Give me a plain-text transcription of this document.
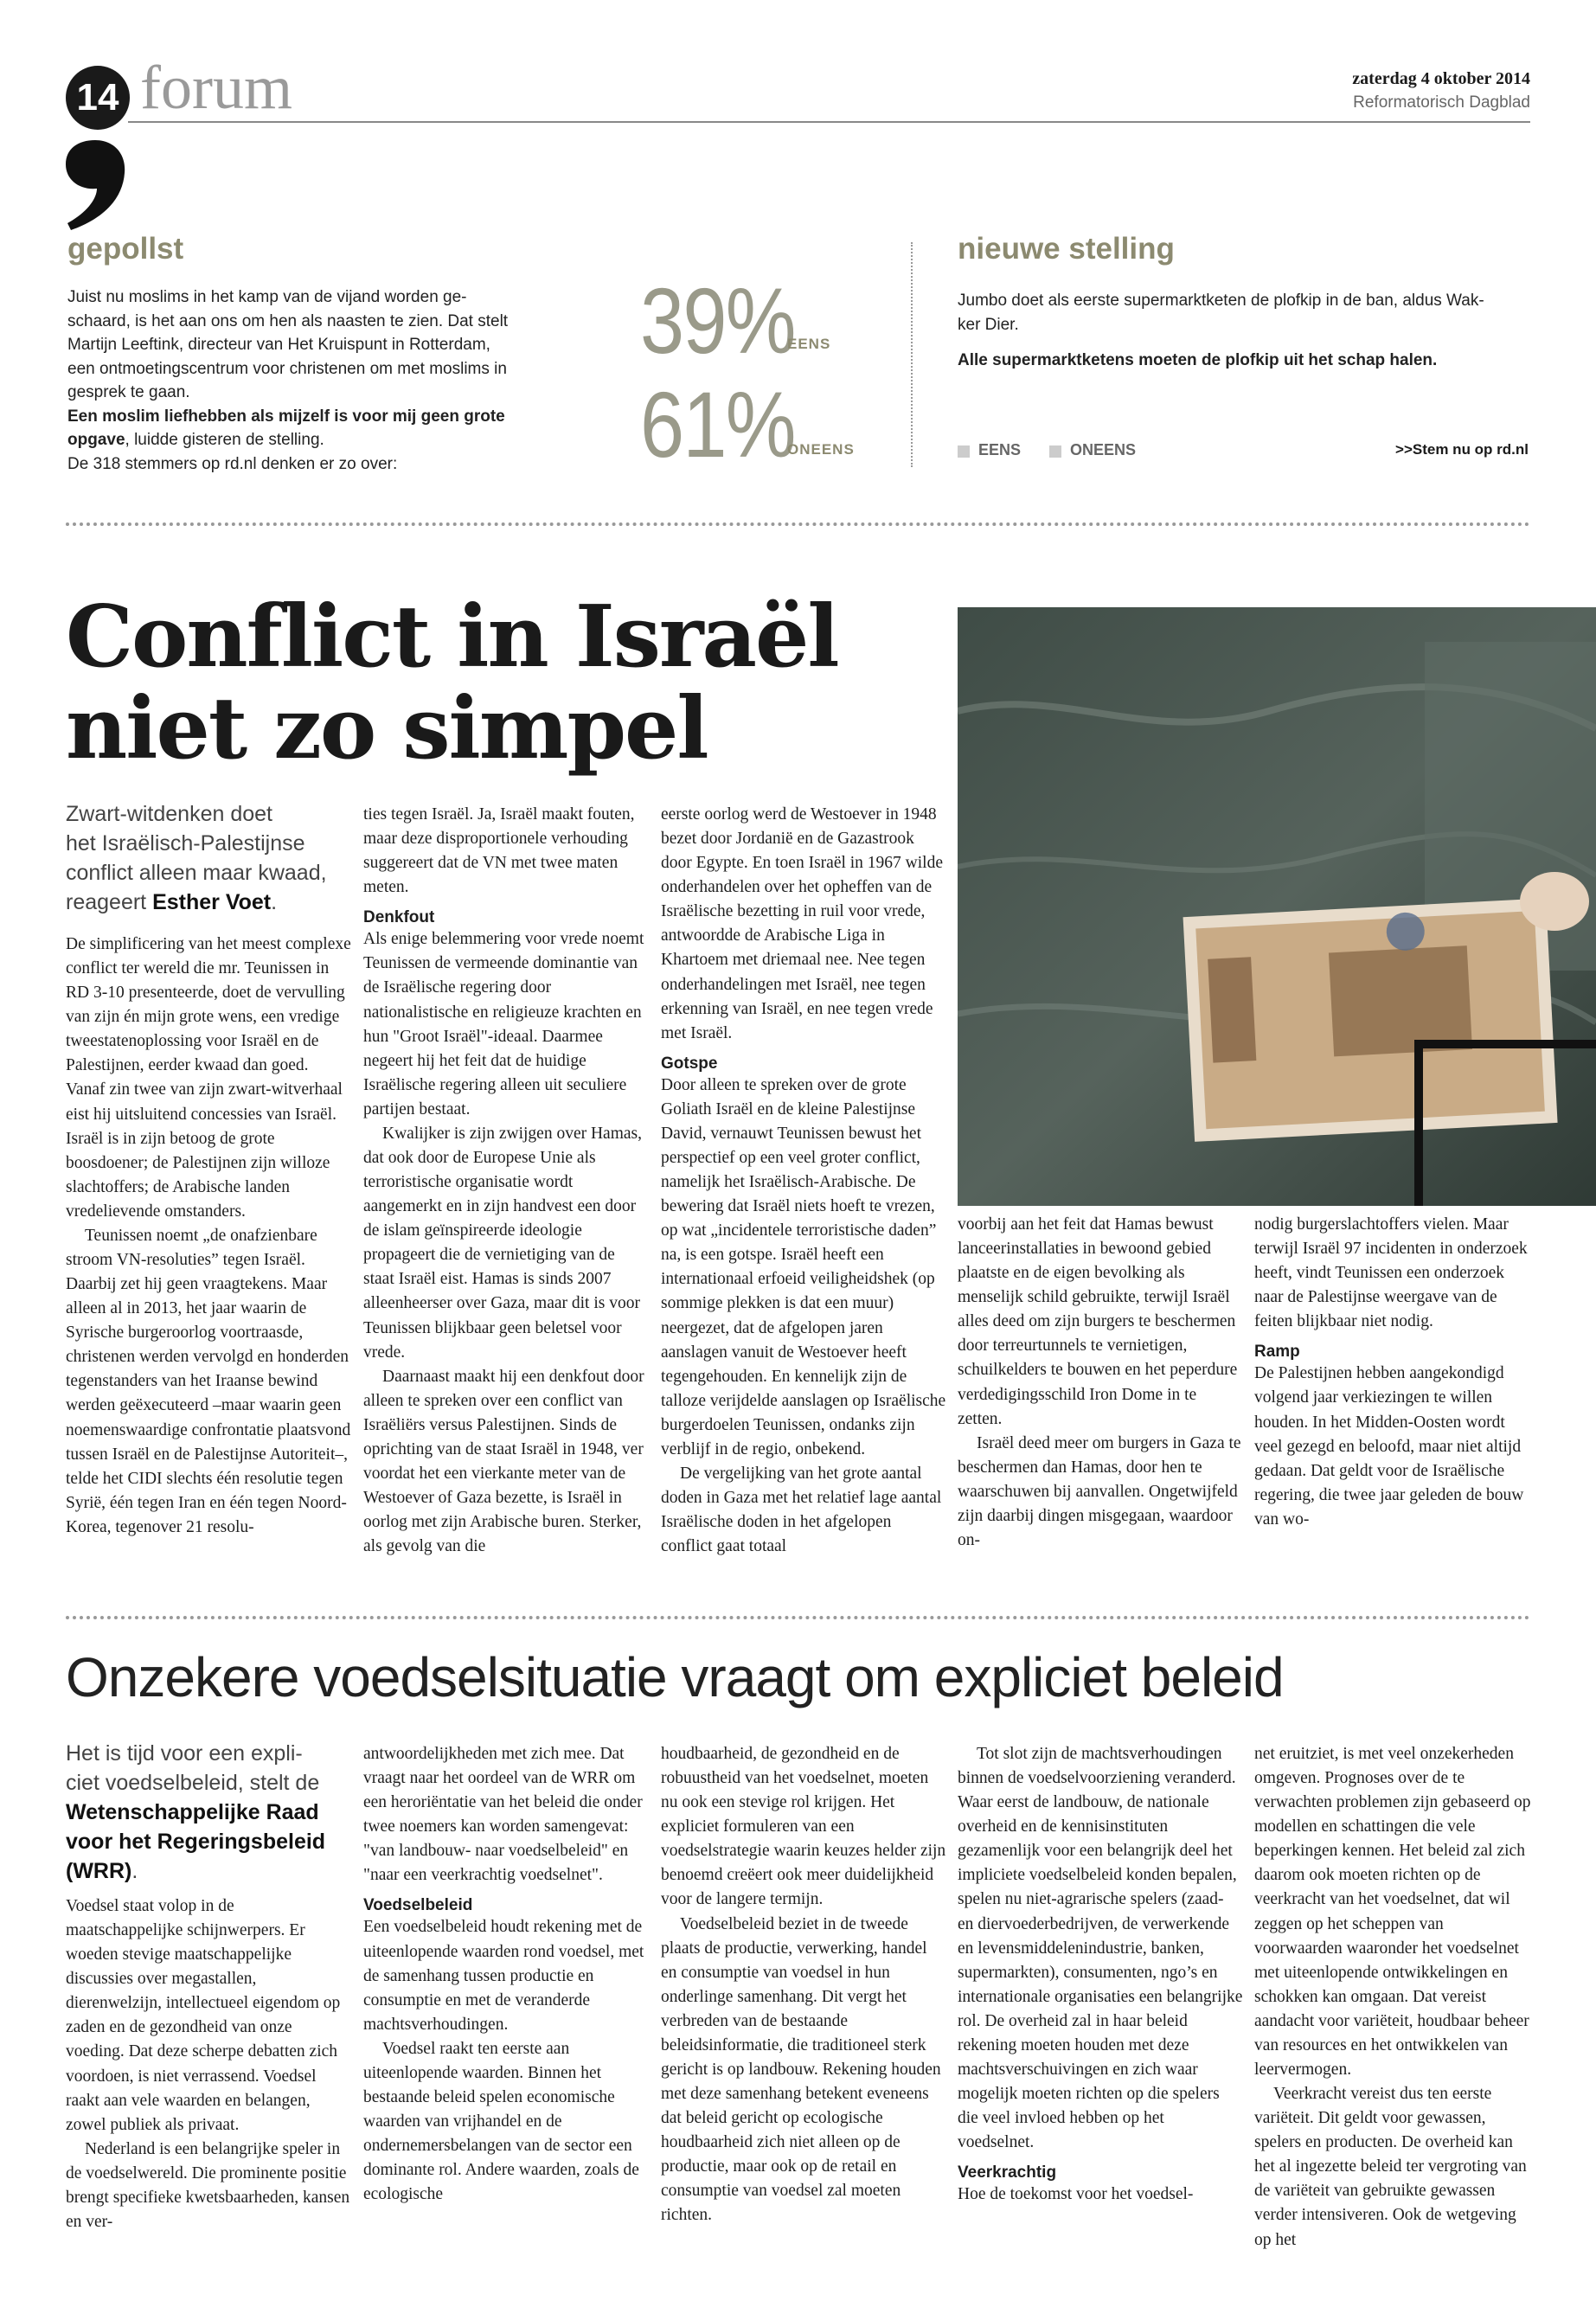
14 forum	zaterdag 4 oktober 2014
Reformatorisch Dagblad
gepollst
Juist nu moslims in het kamp van de vijand worden ge-
schaard, is het aan ons om hen als naasten te zien. Dat stelt
Martijn Leeftink, directeur van Het Kruispunt in Rotterdam,
een ontmoetingscentrum voor christenen om met moslims in
gesprek te gaan.
Een moslim liefhebben als mijzelf is voor mij geen grote
opgave, luidde gisteren de stelling.
De 318 stemmers op rd.nl denken er zo over:
39%
EENS
61%
ONEENS
nieuwe stelling
Jumbo doet als eerste supermarktketen de plofkip in de ban, aldus Wak-
ker Dier.
Alle supermarktketens moeten de plofkip uit het schap halen.
EENS	ONEENS	>>Stem nu op rd.nl
Conflict in Israël
niet zo simpel
Zwart-witdenken doet
het Israëlisch-Palestijnse
conflict alleen maar kwaad,
reageert Esther Voet.

De simplificering van het meest complexe conflict ter wereld die mr. Teunissen in RD 3-10 presenteerde, doet de vervulling van zijn én mijn grote wens, een vredige tweestatenoplossing voor Israël en de Palestijnen, eerder kwaad dan goed. Vanaf zin twee van zijn zwart-witverhaal eist hij uitsluitend concessies van Israël. Israël is in zijn betoog de grote boosdoener; de Palestijnen zijn willoze slachtoffers; de Arabische landen vredelievende omstanders.

Teunissen noemt „de onafzienbare stroom VN-resoluties” tegen Israël. Daarbij zet hij geen vraagtekens. Maar alleen al in 2013, het jaar waarin de Syrische burgeroorlog voortraasde, christenen werden vervolgd en honderden tegenstanders van het Iraanse bewind werden geëxecuteerd –maar waarin geen noemenswaardige confrontatie plaatsvond tussen Israël en de Palestijnse Autoriteit–, telde het CIDI slechts één resolutie tegen Syrië, één tegen Iran en één tegen Noord-Korea, tegenover 21 resolu-

ties tegen Israël. Ja, Israël maakt fouten, maar deze disproportionele verhouding suggereert dat de VN met twee maten meten.

Denkfout

Als enige belemmering voor vrede noemt Teunissen de vermeende dominantie van de Israëlische regering door nationalistische en religieuze krachten en hun "Groot Israël"-ideaal. Daarmee negeert hij het feit dat de huidige Israëlische regering alleen uit seculiere partijen bestaat.

Kwalijker is zijn zwijgen over Hamas, dat ook door de Europese Unie als terroristische organisatie wordt aangemerkt en in zijn handvest een door de islam geïnspireerde ideologie propageert die de vernietiging van de staat Israël eist. Hamas is sinds 2007 alleenheerser over Gaza, maar dit is voor Teunissen blijkbaar geen beletsel voor vrede.

Daarnaast maakt hij een denkfout door alleen te spreken over een conflict van Israëliërs versus Palestijnen. Sinds de oprichting van de staat Israël in 1948, ver voordat het een vierkante meter van de Westoever of Gaza bezette, is Israël in oorlog met zijn Arabische buren. Sterker, als gevolg van die

eerste oorlog werd de Westoever in 1948 bezet door Jordanië en de Gazastrook door Egypte. En toen Israël in 1967 wilde onderhandelen over het opheffen van de Israëlische bezetting in ruil voor vrede, antwoordde de Arabische Liga in Khartoem met driemaal nee. Nee tegen onderhandelingen met Israël, nee tegen erkenning van Israël, en nee tegen vrede met Israël.

Gotspe

Door alleen te spreken over de grote Goliath Israël en de kleine Palestijnse David, vernauwt Teunissen bewust het perspectief op een veel groter conflict, namelijk het Israëlisch-Arabische. De bewering dat Israël niets hoeft te vrezen, op wat „incidentele terroristische daden” na, is een gotspe. Israël heeft een internationaal erfoeid veiligheidshek (op sommige plekken is dat een muur) neergezet, dat de afgelopen jaren aanslagen vanuit de Westoever heeft tegengehouden. En kennelijk zijn de talloze verijdelde aanslagen op Israëlische burgerdoelen Teunissen, ondanks zijn verblijf in de regio, onbekend.

De vergelijking van het grote aantal doden in Gaza met het relatief lage aantal Israëlische doden in het afgelopen conflict gaat totaal

voorbij aan het feit dat Hamas bewust lanceerinstallaties in bewoond gebied plaatste en de eigen bevolking als menselijk schild gebruikte, terwijl Israël alles deed om zijn burgers te beschermen door terreurtunnels te vernietigen, schuilkelders te bouwen en het peperdure verdedigingsschild Iron Dome in te zetten.

Israël deed meer om burgers in Gaza te beschermen dan Hamas, door hen te waarschuwen bij aanvallen. Ongetwijfeld zijn daarbij dingen misgegaan, waardoor on-

nodig burgerslachtoffers vielen. Maar terwijl Israël 97 incidenten in onderzoek heeft, vindt Teunissen een onderzoek naar de Palestijnse weergave van de feiten blijkbaar niet nodig.

Ramp

De Palestijnen hebben aangekondigd volgend jaar verkiezingen te willen houden. In het Midden-Oosten wordt veel gezegd en beloofd, maar niet altijd gedaan. Dat geldt voor de Israëlische regering, die twee jaar geleden de bouw van wo-

Onzekere voedselsituatie vraagt om expliciet beleid
Het is tijd voor een expli-
ciet voedselbeleid, stelt de
Wetenschappelijke Raad
voor het Regeringsbeleid
(WRR).

Voedsel staat volop in de maatschappelijke schijnwerpers. Er woeden stevige maatschappelijke discussies over megastallen, dierenwelzijn, intellectueel eigendom op zaden en de gezondheid van onze voeding. Dat deze scherpe debatten zich voordoen, is niet verrassend. Voedsel raakt aan vele waarden en belangen, zowel publiek als privaat.

Nederland is een belangrijke speler in de voedselwereld. Die prominente positie brengt specifieke kwetsbaarheden, kansen en ver-

antwoordelijkheden met zich mee. Dat vraagt naar het oordeel van de WRR om een heroriëntatie van het beleid die onder twee noemers kan worden samengevat: "van landbouw- naar voedselbeleid" en "naar een veerkrachtig voedselnet".

Voedselbeleid

Een voedselbeleid houdt rekening met de uiteenlopende waarden rond voedsel, met de samenhang tussen productie en consumptie en met de veranderde machtsverhoudingen.

Voedsel raakt ten eerste aan uiteenlopende waarden. Binnen het bestaande beleid spelen economische waarden van vrijhandel en de ondernemersbelangen van de sector een dominante rol. Andere waarden, zoals de ecologische

houdbaarheid, de gezondheid en de robuustheid van het voedselnet, moeten nu ook een stevige rol krijgen. Het expliciet formuleren van een voedselstrategie waarin keuzes helder zijn benoemd creëert ook meer duidelijkheid voor de langere termijn.

Voedselbeleid beziet in de tweede plaats de productie, verwerking, handel en consumptie van voedsel in hun onderlinge samenhang. Dit vergt het verbreden van de bestaande beleidsinformatie, die traditioneel sterk gericht is op landbouw. Rekening houden met deze samenhang betekent eveneens dat beleid gericht op ecologische houdbaarheid zich niet alleen op de productie, maar ook op de retail en consumptie van voedsel zal moeten richten.

Tot slot zijn de machtsverhoudingen binnen de voedselvoorziening veranderd. Waar eerst de landbouw, de nationale overheid en de kennisinstituten gezamenlijk voor een belangrijk deel het impliciete voedselbeleid konden bepalen, spelen nu niet-agrarische spelers (zaad- en diervoederbedrijven, de verwerkende en levensmiddelenindustrie, banken, supermarkten), consumenten, ngo’s en internationale organisaties een belangrijke rol. De overheid zal in haar beleid rekening moeten houden met deze machtsverschuivingen en zich waar mogelijk moeten richten op die spelers die veel invloed hebben op het voedselnet.

Veerkrachtig

Hoe de toekomst voor het voedsel-

net eruitziet, is met veel onzekerheden omgeven. Prognoses over de te verwachten problemen zijn gebaseerd op modellen en schattingen die vele beperkingen kennen. Het beleid zal zich daarom ook moeten richten op de veerkracht van het voedselnet, dat wil zeggen op het scheppen van voorwaarden waaronder het voedselnet met uiteenlopende ontwikkelingen en schokken kan omgaan. Dat vereist aandacht voor variëteit, houdbaar beheer van resources en het ontwikkelen van leervermogen.

Veerkracht vereist dus ten eerste variëteit. Dit geldt voor gewassen, spelers en producten. De overheid kan het al ingezette beleid ter vergroting van de variëteit van gebruikte gewassen verder intensiveren. Ook de wetgeving op het
